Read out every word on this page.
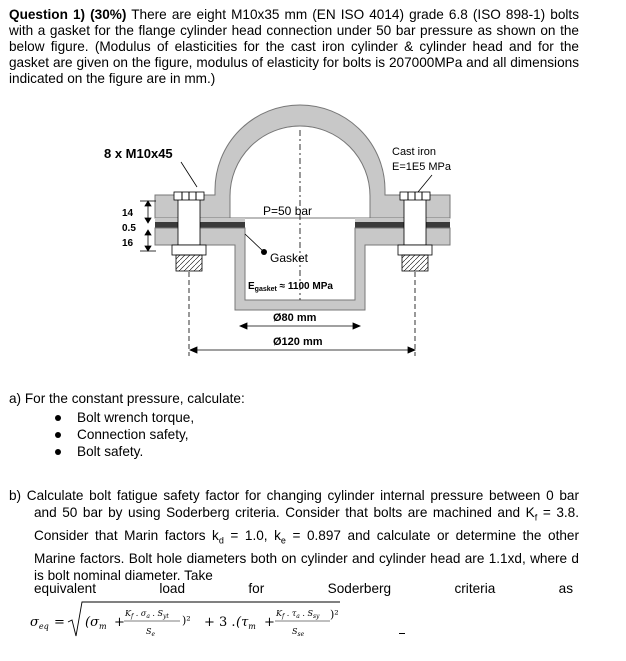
Question 1) (30%) There are eight M10x35 mm (EN ISO 4014) grade 6.8 (ISO 898-1) bolts with a gasket for the flange cylinder head connection under 50 bar pressure as shown on the below figure. (Modulus of elasticities for the cast iron cylinder & cylinder head and for the gasket are given on the figure, modulus of elasticity for bolts is 207000MPa and all dimensions indicated on the figure are in mm.)
8 x M10x45	Cast iron
E=1E5 MPa
P=50 bar
Gasket
$E_{gasket} \approx 1100$ MPa
14
0.5
16
Ø80 mm
Ø120 mm
a) For the constant pressure, calculate:
Bolt wrench torque,
Connection safety,
Bolt safety.
b) Calculate bolt fatigue safety factor for changing cylinder internal pressure between 0 bar and 50 bar by using Soderberg criteria. Consider that bolts are machined and $K_f = 3.8$. Consider that Marin factors $k_d = 1.0$, $k_e = 0.897$ and calculate or determine the other Marine factors. Bolt hole diameters both on cylinder and cylinder head are 1.1xd, where d is bolt nominal diameter. Take
equivalent	load	for	Soderberg	criteria	as
$\sigma_{eq} = (\sigma_m$ +
$K_f$ . $\sigma_a$ . $S_{yt}$
$S_e$
)² + 3 . ($\tau_m$ +
$K_f$ . $\tau_a$ . $S_{sy}$
$S_{se}$
)²
